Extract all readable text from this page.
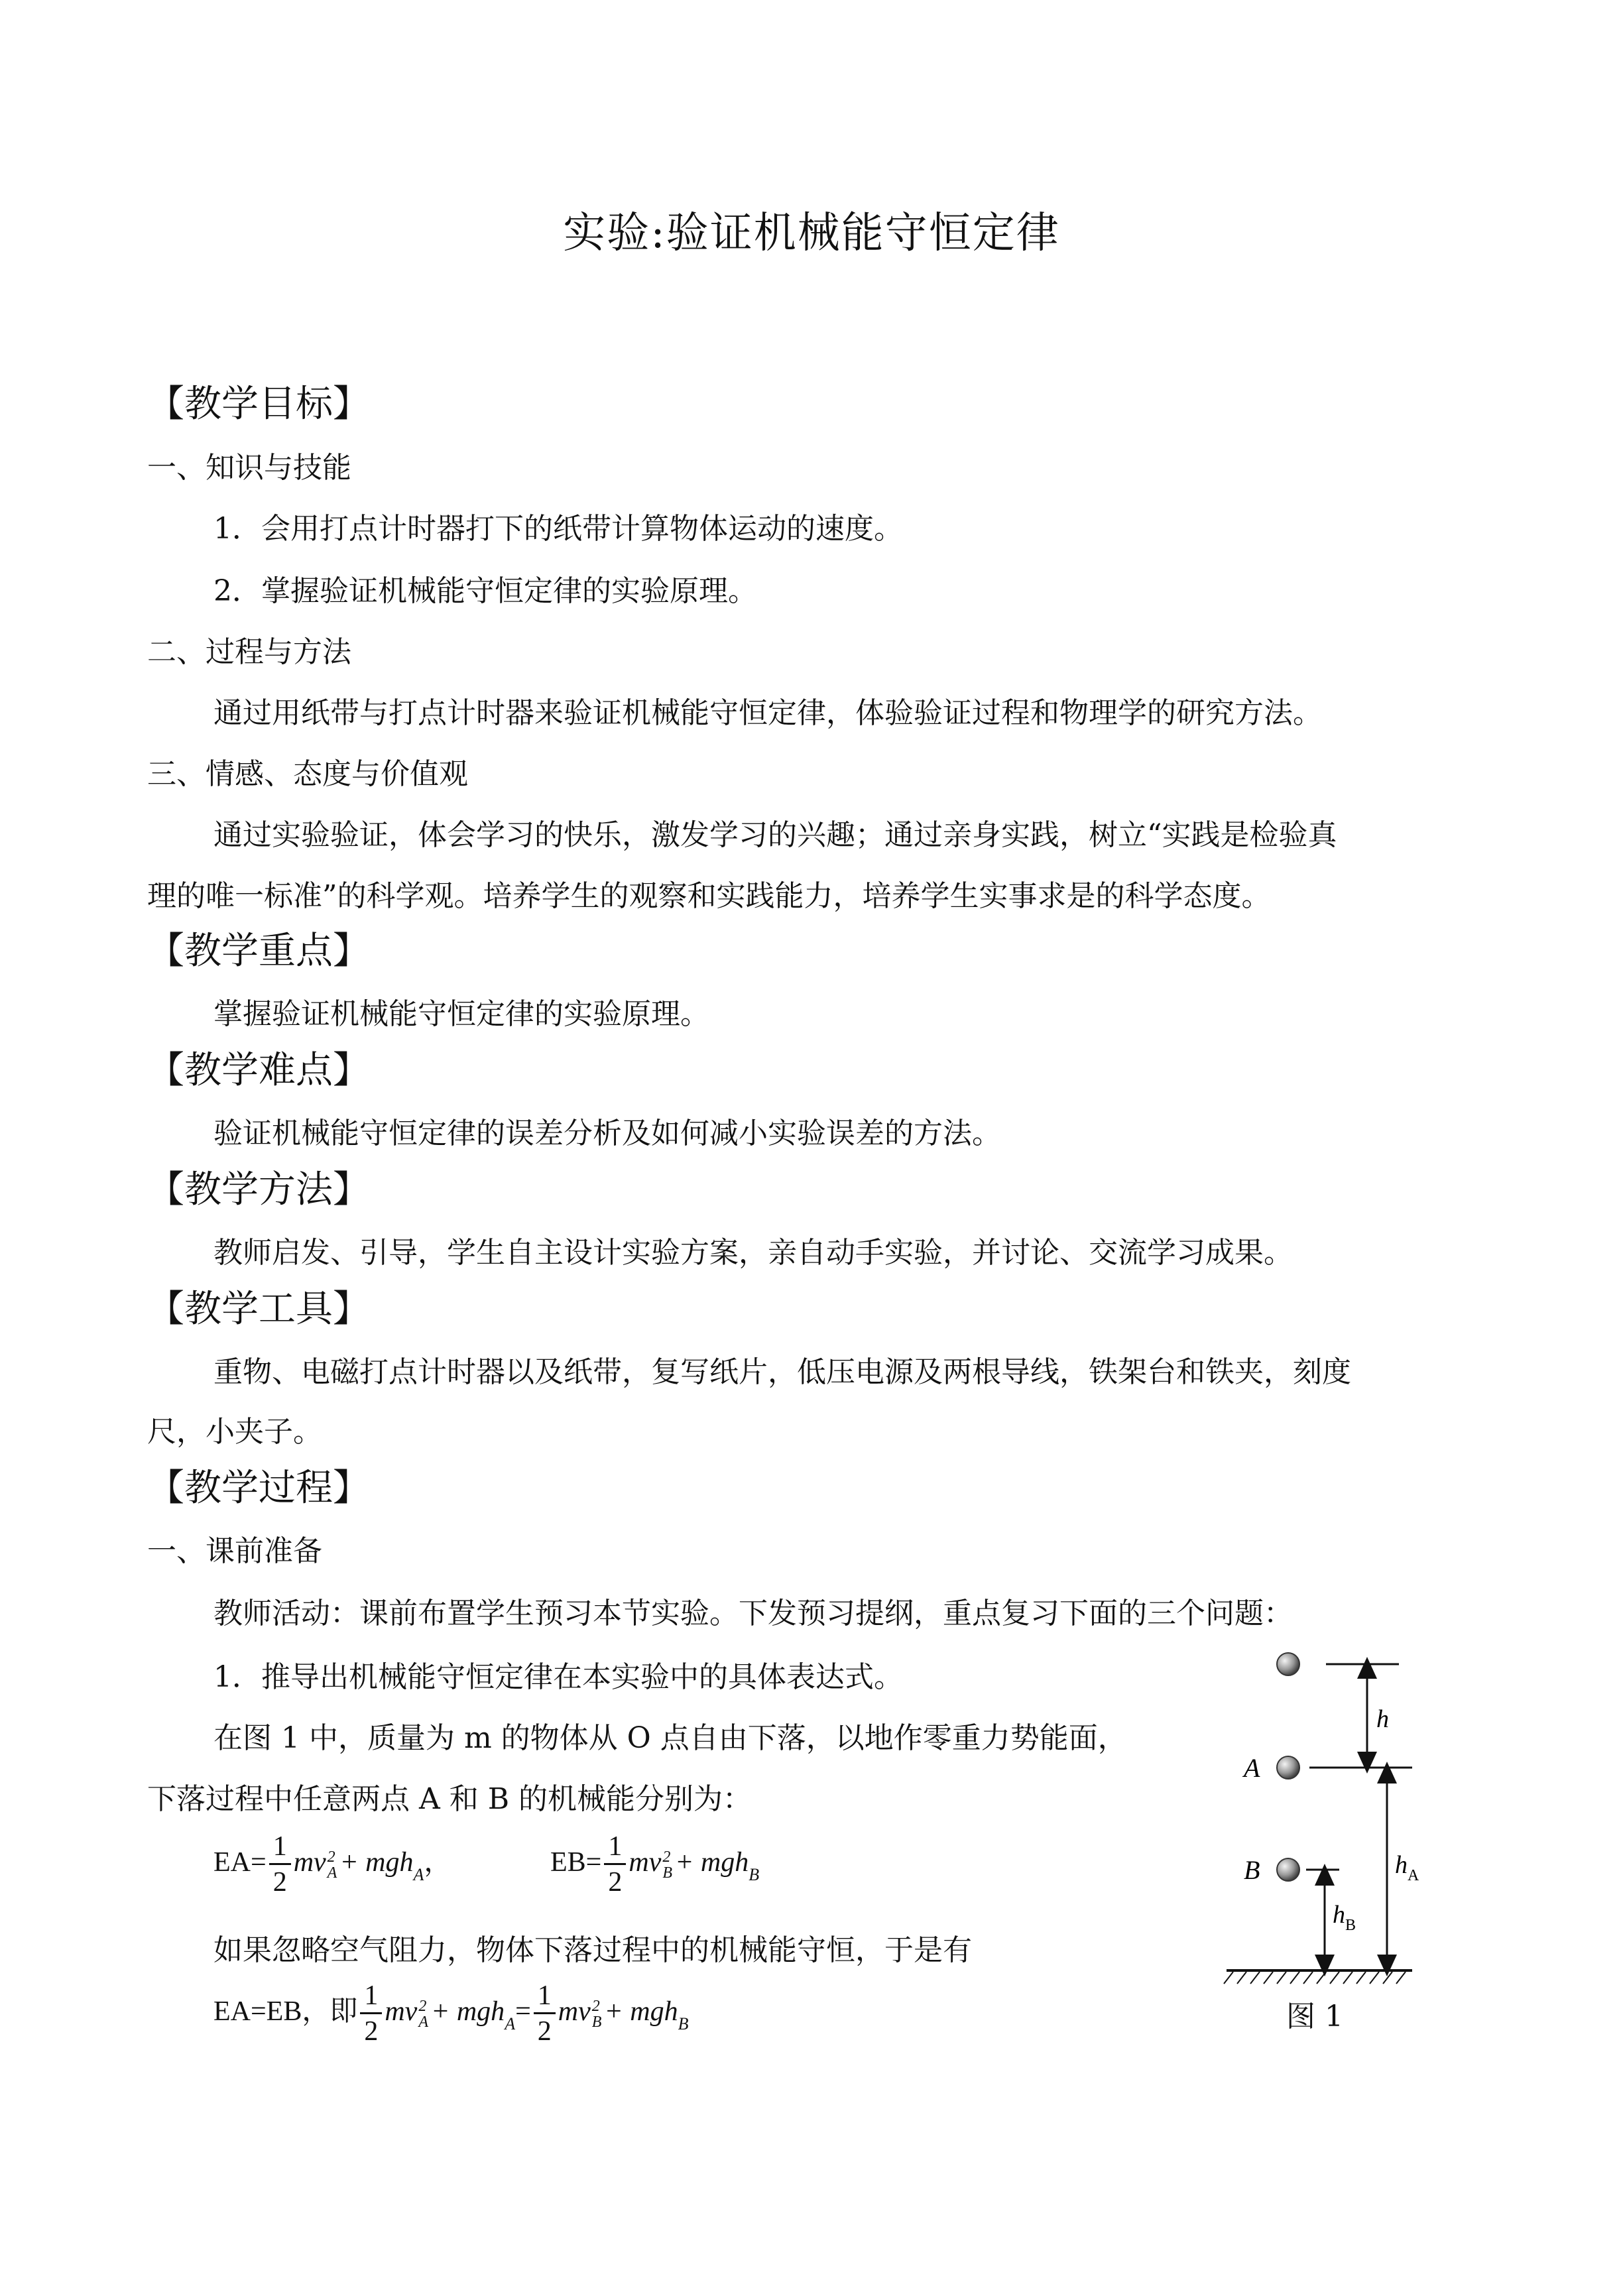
实验:验证机械能守恒定律
【教学目标】
一、知识与技能
1．会用打点计时器打下的纸带计算物体运动的速度。
2．掌握验证机械能守恒定律的实验原理。
二、过程与方法
通过用纸带与打点计时器来验证机械能守恒定律，体验验证过程和物理学的研究方法。
三、情感、态度与价值观
通过实验验证，体会学习的快乐，激发学习的兴趣；通过亲身实践，树立“实践是检验真
理的唯一标准”的科学观。培养学生的观察和实践能力，培养学生实事求是的科学态度。
【教学重点】
掌握验证机械能守恒定律的实验原理。
【教学难点】
验证机械能守恒定律的误差分析及如何减小实验误差的方法。
【教学方法】
教师启发、引导，学生自主设计实验方案，亲自动手实验，并讨论、交流学习成果。
【教学工具】
重物、电磁打点计时器以及纸带，复写纸片，低压电源及两根导线，铁架台和铁夹，刻度
尺，小夹子。
【教学过程】
一、课前准备
教师活动：课前布置学生预习本节实验。下发预习提纲，重点复习下面的三个问题：
1．推导出机械能守恒定律在本实验中的具体表达式。
在图 1 中，质量为 m 的物体从 O 点自由下落，以地作零重力势能面，
下落过程中任意两点 A 和 B 的机械能分别为：
$EA= \frac{1}{2}$ mv 2
A + mgh$_A$，	$EB= \frac{1}{2}$ mv 2
B + mgh$_B$
如果忽略空气阻力，物体下落过程中的机械能守恒，于是有
EA=EB，即 $\frac{1}{2}$ mv 2
$A + mgh_A= \frac{1}{2}$ mv 2
B + mgh$_B$
h
A
B	h A
h B
图 1
